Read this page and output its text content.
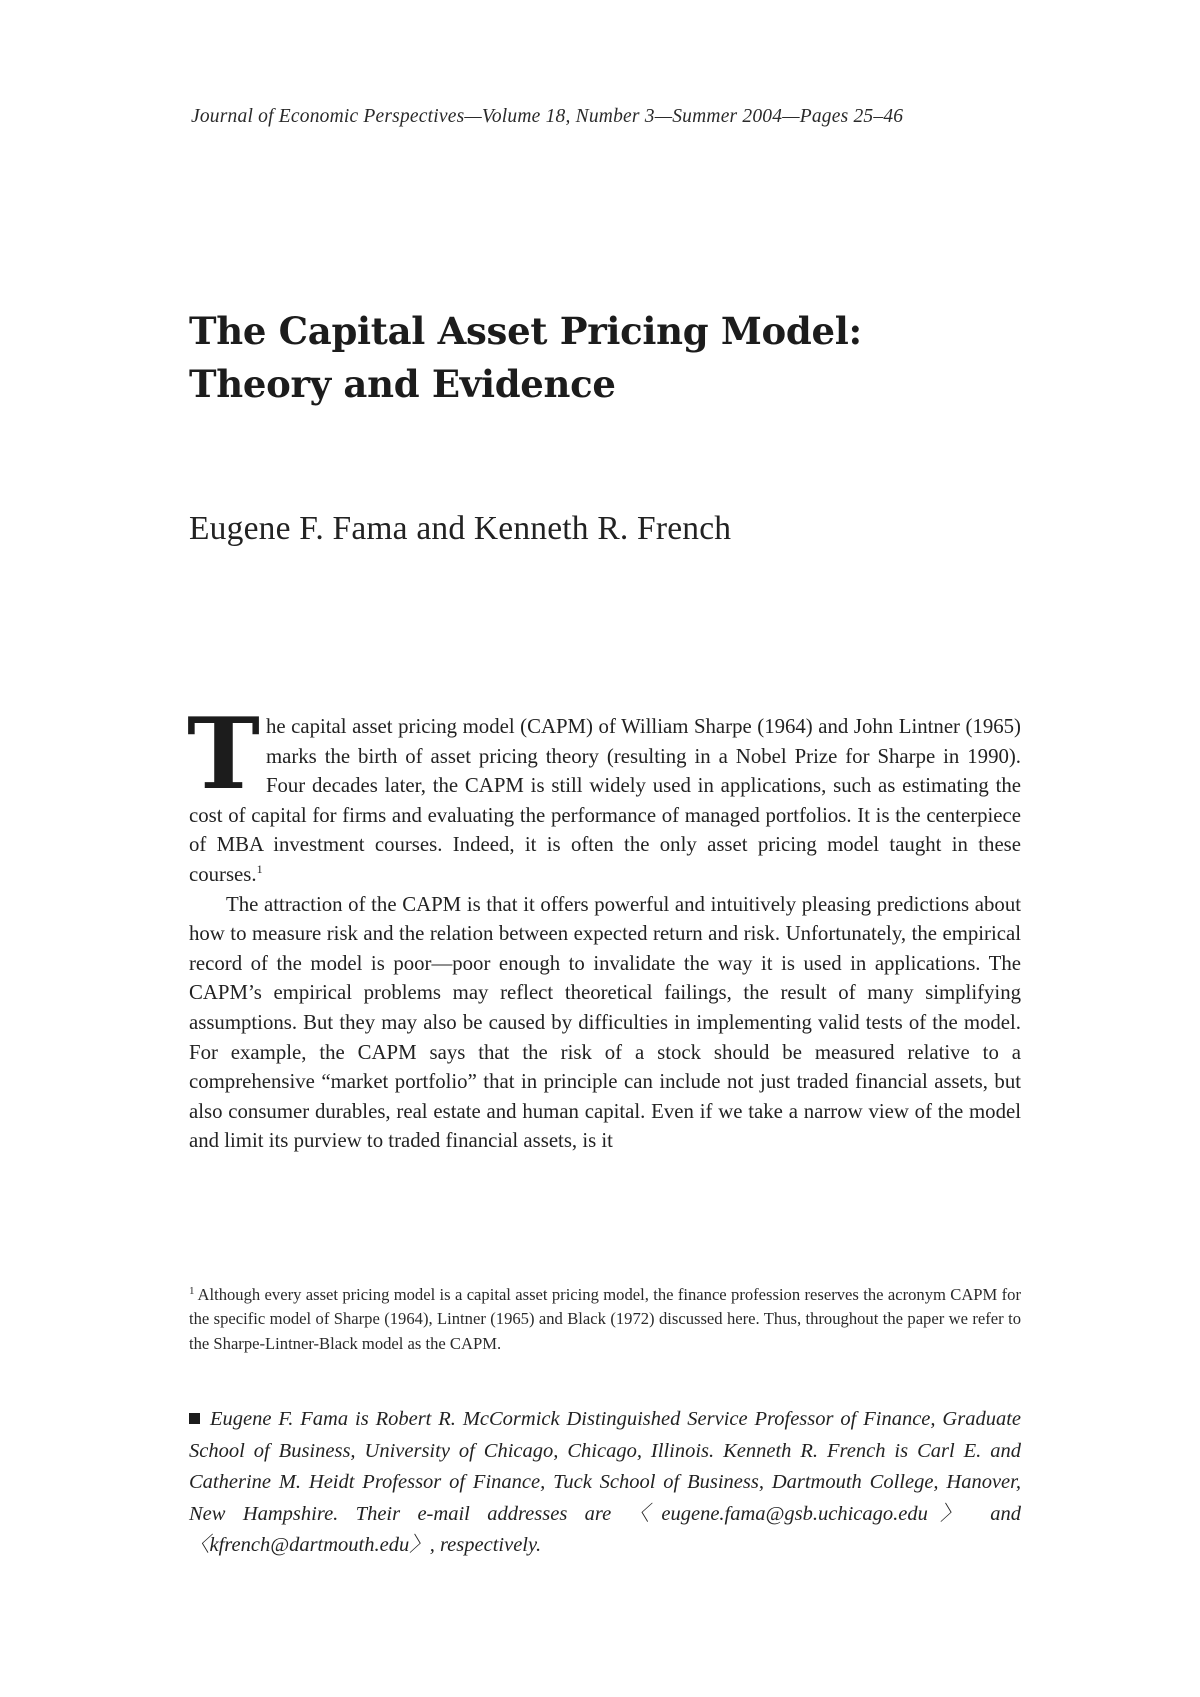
Journal of Economic Perspectives—Volume 18, Number 3—Summer 2004—Pages 25–46
The Capital Asset Pricing Model:
Theory and Evidence
Eugene F. Fama and Kenneth R. French

The capital asset pricing model (CAPM) of William Sharpe (1964) and John Lintner (1965) marks the birth of asset pricing theory (resulting in a Nobel Prize for Sharpe in 1990). Four decades later, the CAPM is still widely used in applications, such as estimating the cost of capital for firms and evaluating the performance of managed portfolios. It is the centerpiece of MBA investment courses. Indeed, it is often the only asset pricing model taught in these courses.$^1$

The attraction of the CAPM is that it offers powerful and intuitively pleasing predictions about how to measure risk and the relation between expected return and risk. Unfortunately, the empirical record of the model is poor—poor enough to invalidate the way it is used in applications. The CAPM’s empirical problems may reflect theoretical failings, the result of many simplifying assumptions. But they may also be caused by difficulties in implementing valid tests of the model. For example, the CAPM says that the risk of a stock should be measured relative to a comprehensive “market portfolio” that in principle can include not just traded financial assets, but also consumer durables, real estate and human capital. Even if we take a narrow view of the model and limit its purview to traded financial assets, is it

$^1$ Although every asset pricing model is a capital asset pricing model, the finance profession reserves the acronym CAPM for the specific model of Sharpe (1964), Lintner (1965) and Black (1972) discussed here. Thus, throughout the paper we refer to the Sharpe-Lintner-Black model as the CAPM.
Eugene F. Fama is Robert R. McCormick Distinguished Service Professor of Finance, Graduate School of Business, University of Chicago, Chicago, Illinois. Kenneth R. French is Carl E. and Catherine M. Heidt Professor of Finance, Tuck School of Business, Dartmouth College, Hanover, New Hampshire. Their e-mail addresses are 〈eugene.fama@gsb.uchicago.edu〉 and 〈kfrench@dartmouth.edu〉, respectively.
